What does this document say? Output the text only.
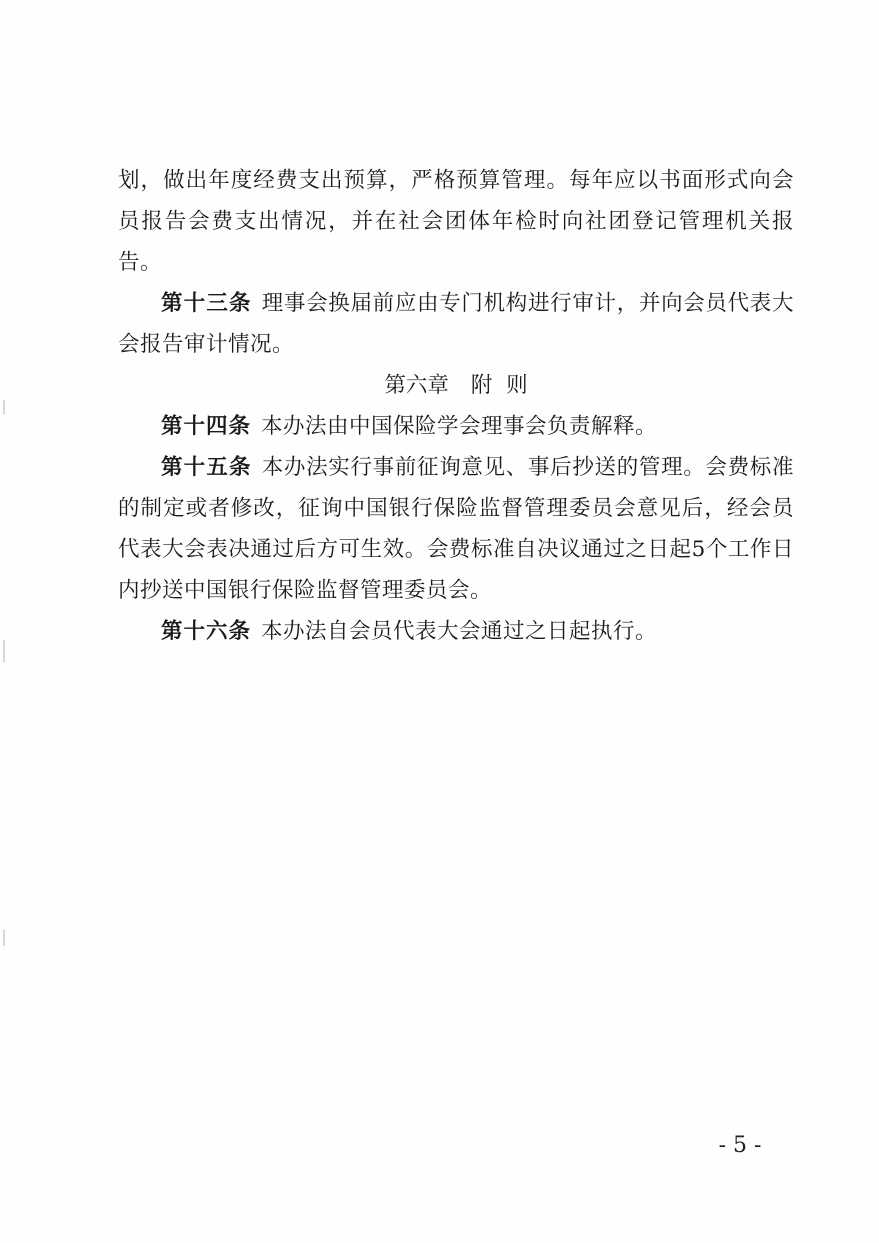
划，做出年度经费支出预算，严格预算管理。每年应以书面形式向会员报告会费支出情况，并在社会团体年检时向社团登记管理机关报告。

第十三条 理事会换届前应由专门机构进行审计，并向会员代表大会报告审计情况。

第六章 附  则

第十四条 本办法由中国保险学会理事会负责解释。

第十五条 本办法实行事前征询意见、事后抄送的管理。会费标准的制定或者修改，征询中国银行保险监督管理委员会意见后，经会员代表大会表决通过后方可生效。会费标准自决议通过之日起5个工作日内抄送中国银行保险监督管理委员会。

第十六条 本办法自会员代表大会通过之日起执行。

- 5 -
